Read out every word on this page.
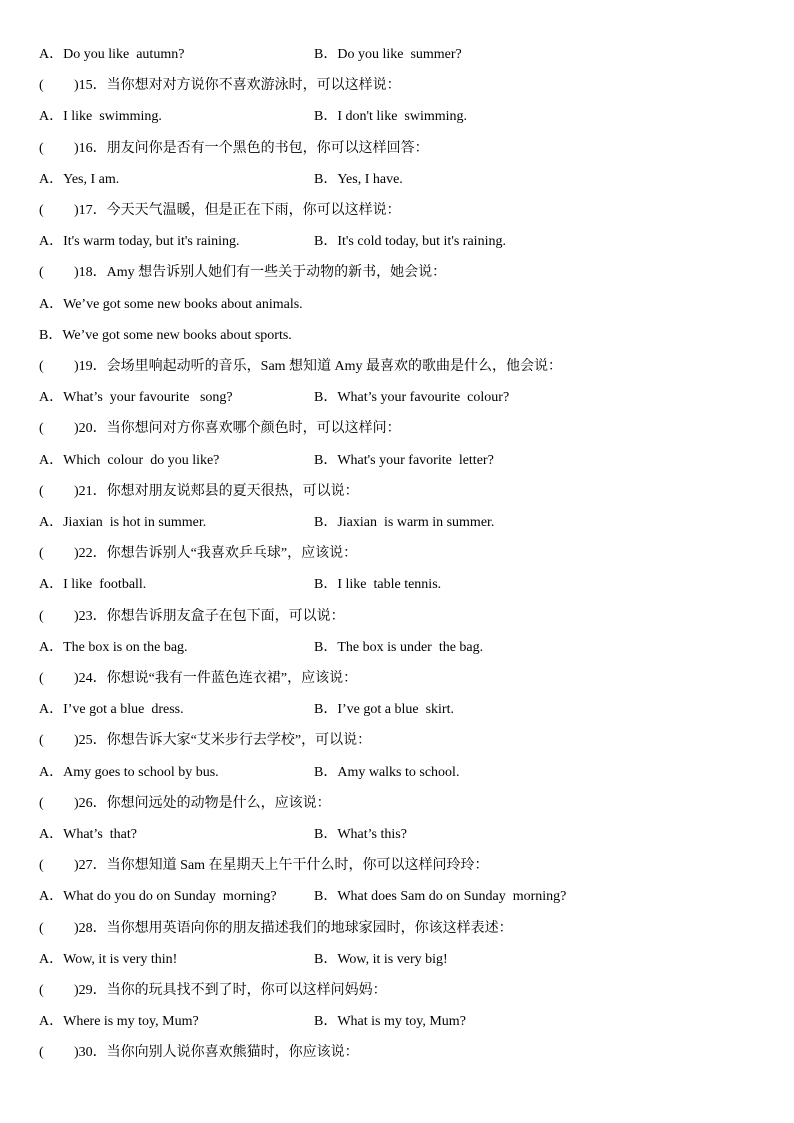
A．Do you like  autumn?	B．Do you like  summer?
( )15．当你想对对方说你不喜欢游泳时，可以这样说：
A．I like  swimming.	B．I don't like  swimming.
( )16．朋友问你是否有一个黑色的书包，你可以这样回答：
A．Yes, I am.	B．Yes, I have.
( )17．今天天气温暖，但是正在下雨，你可以这样说：
A．It's warm today, but it's raining.	B．It's cold today, but it's raining.
( )18．Amy 想告诉别人她们有一些关于动物的新书，她会说：
A．We’ve got some new books about animals.
B．We’ve got some new books about sports.
( )19．会场里响起动听的音乐，Sam 想知道 Amy 最喜欢的歌曲是什么，他会说：
A．What’s  your favourite   song?	B．What’s your favourite  colour?
( )20．当你想问对方你喜欢哪个颜色时，可以这样问：
A．Which  colour  do you like?	B．What's your favorite  letter?
( )21．你想对朋友说郏县的夏天很热，可以说：
A．Jiaxian  is hot in summer.	B．Jiaxian  is warm in summer.
( )22．你想告诉别人“我喜欢乒乓球”，应该说：
A．I like  football.	B．I like  table tennis.
( )23．你想告诉朋友盒子在包下面，可以说：
A．The box is on the bag.	B．The box is under  the bag.
( )24．你想说“我有一件蓝色连衣裙”，应该说：
A．I’ve got a blue  dress.	B．I’ve got a blue  skirt.
( )25．你想告诉大家“艾米步行去学校”，可以说：
A．Amy goes to school by bus.	B．Amy walks to school.
( )26．你想问远处的动物是什么，应该说：
A．What’s  that?	B．What’s this?
( )27．当你想知道 Sam 在星期天上午干什么时，你可以这样问玲玲：
A．What do you do on Sunday  morning?	B．What does Sam do on Sunday  morning?
( )28．当你想用英语向你的朋友描述我们的地球家园时，你该这样表述：
A．Wow, it is very thin!	B．Wow, it is very big!
( )29．当你的玩具找不到了时，你可以这样问妈妈：
A．Where is my toy, Mum?	B．What is my toy, Mum?
( )30．当你向别人说你喜欢熊猫时，你应该说：
